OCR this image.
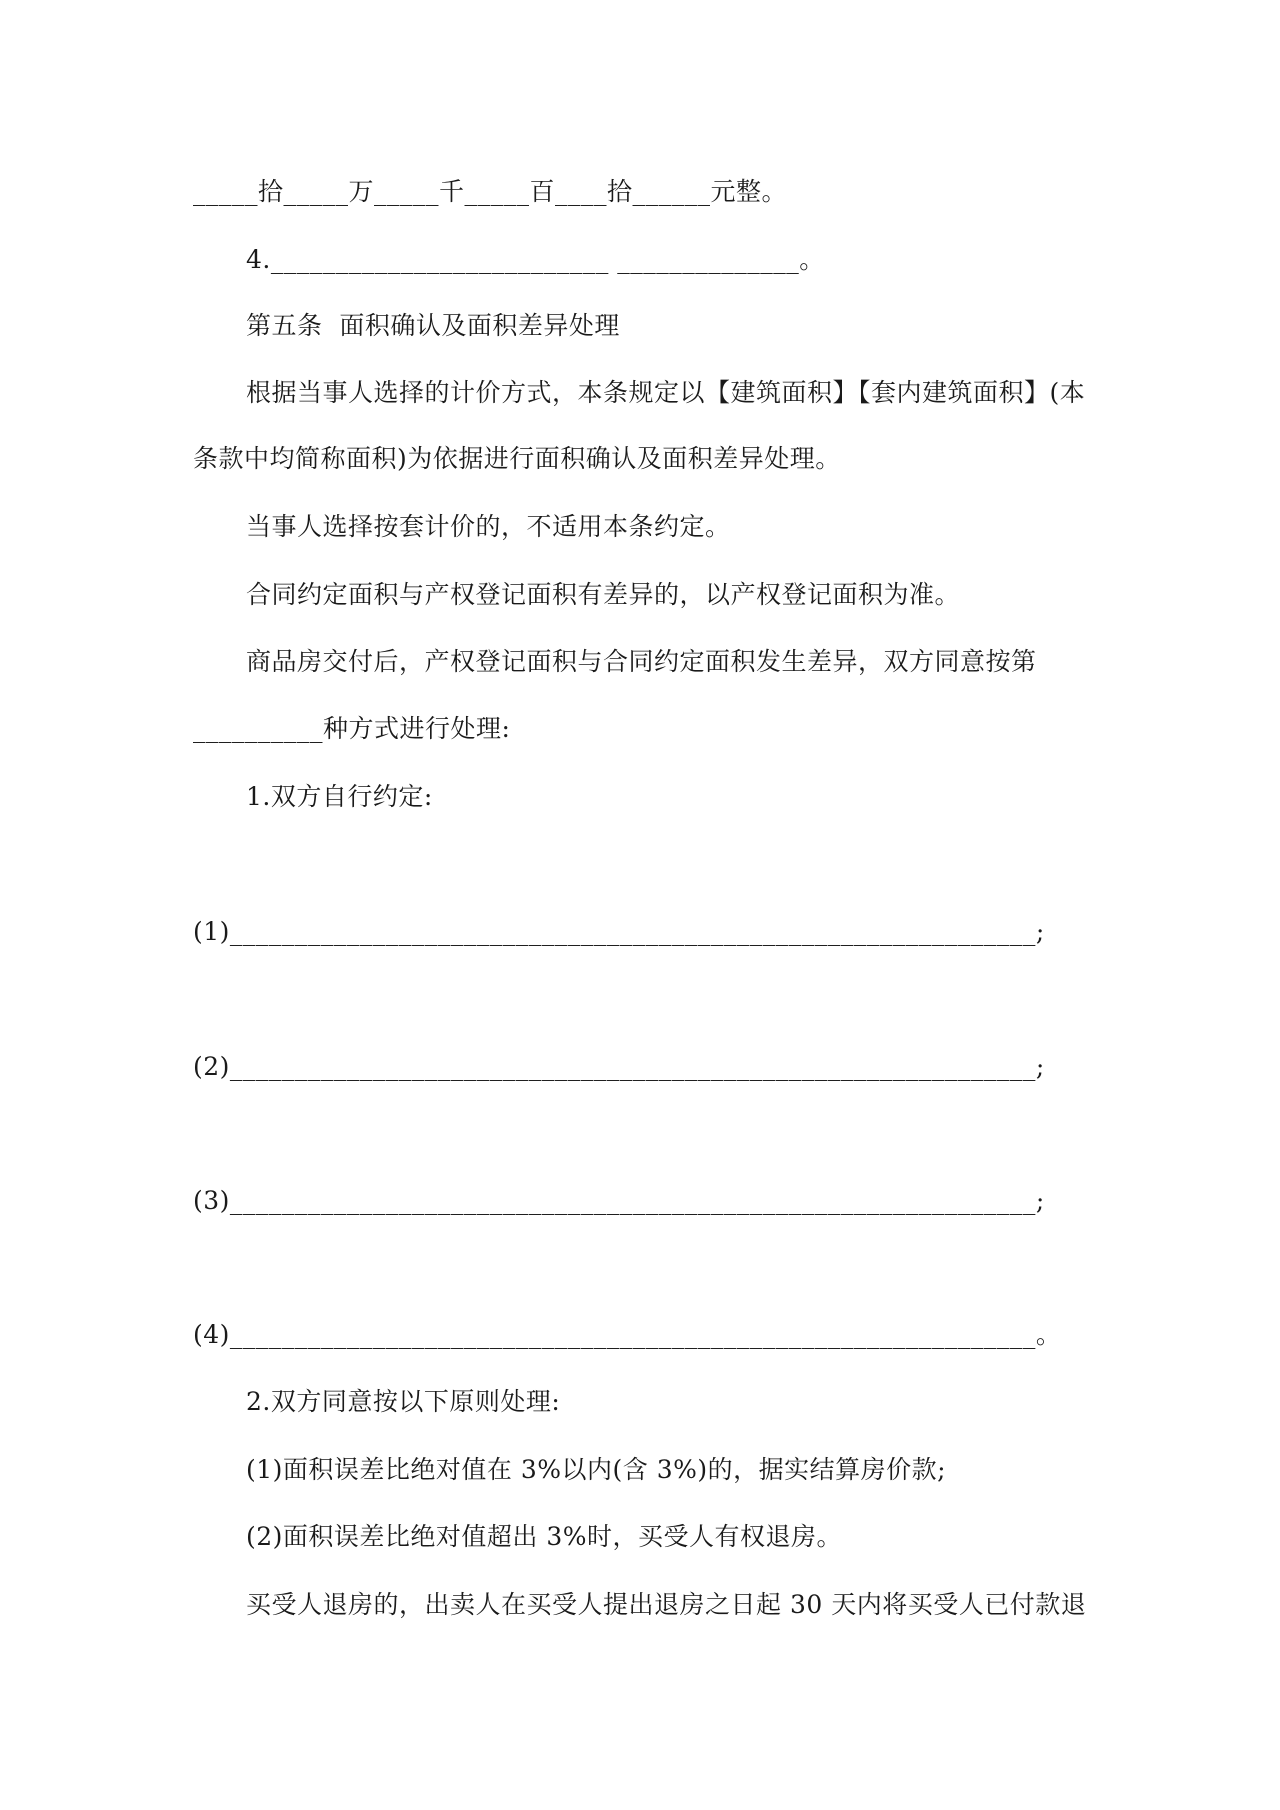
_____拾_____万_____千_____百____拾______元整。
4.__________________________ ______________。
第五条  面积确认及面积差异处理
根据当事人选择的计价方式，本条规定以【建筑面积】【套内建筑面积】(本
条款中均简称面积)为依据进行面积确认及面积差异处理。
当事人选择按套计价的，不适用本条约定。
合同约定面积与产权登记面积有差异的，以产权登记面积为准。
商品房交付后，产权登记面积与合同约定面积发生差异，双方同意按第
__________种方式进行处理:
1.双方自行约定:
(1)______________________________________________________________;
(2)______________________________________________________________;
(3)______________________________________________________________;
(4)______________________________________________________________。
2.双方同意按以下原则处理:
(1)面积误差比绝对值在 3%以内(含 3%)的，据实结算房价款;
(2)面积误差比绝对值超出 3%时，买受人有权退房。
买受人退房的，出卖人在买受人提出退房之日起 30 天内将买受人已付款退
